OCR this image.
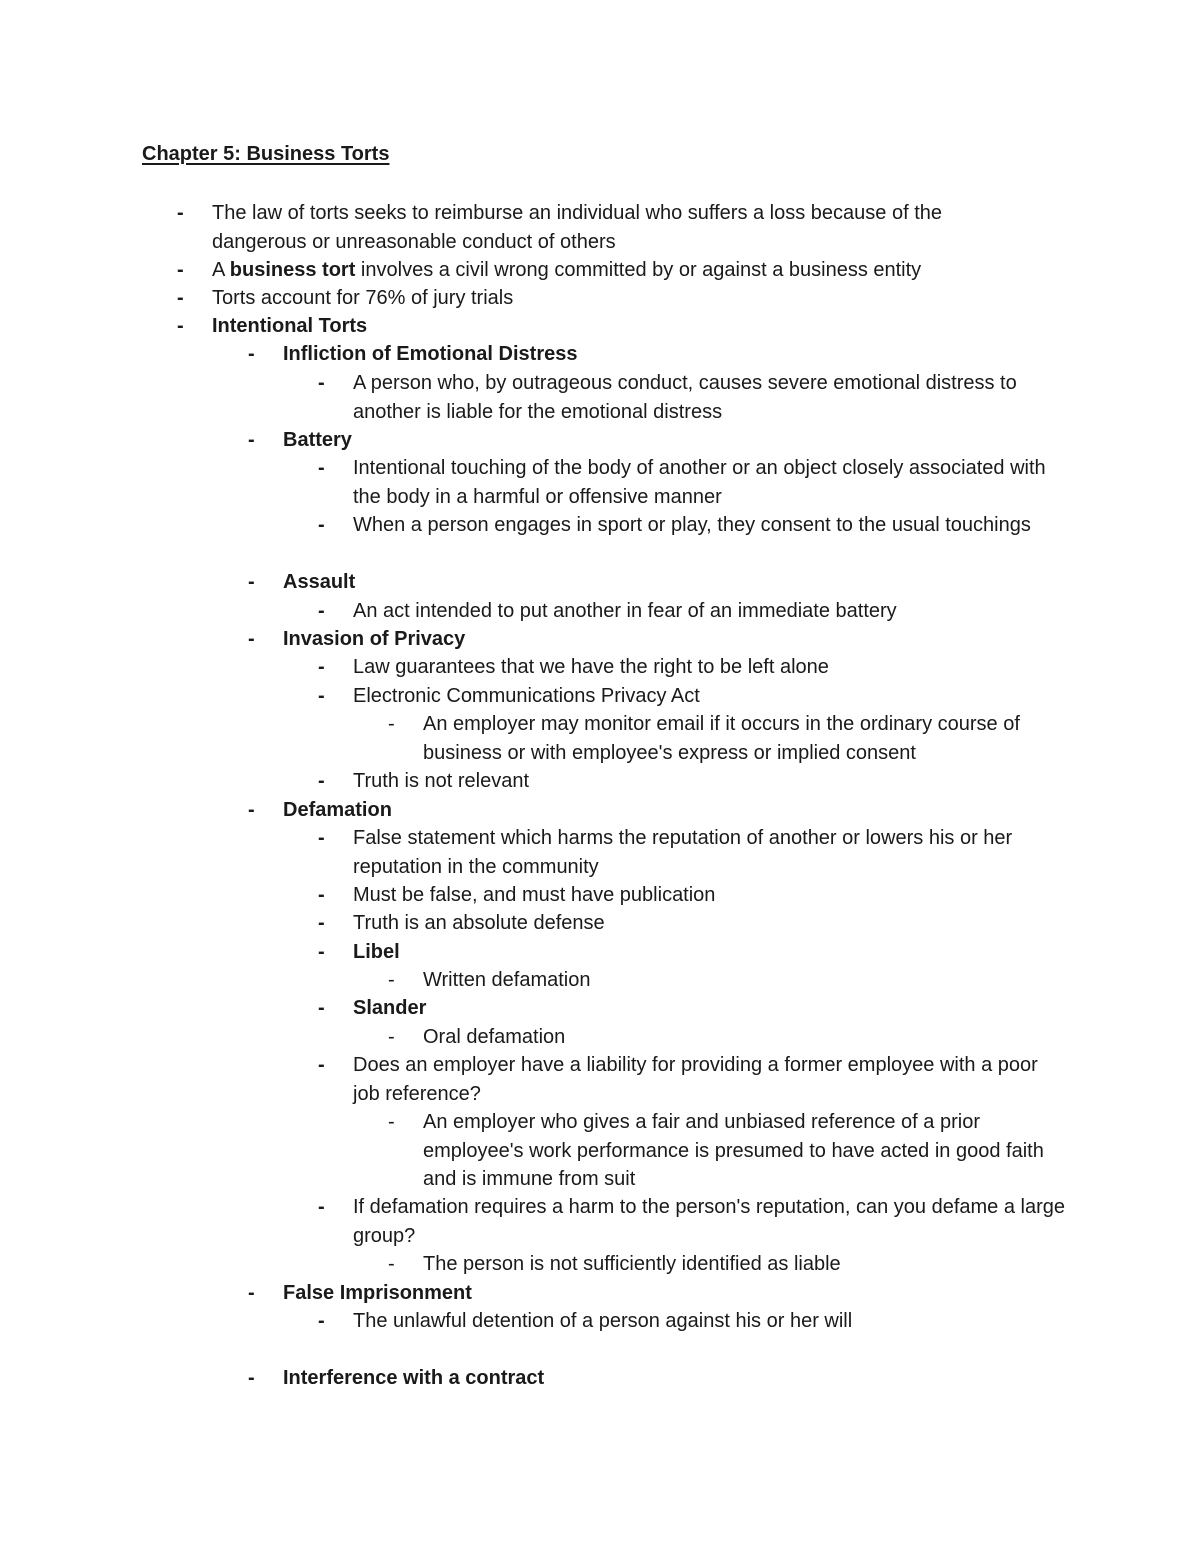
Chapter 5: Business Torts
- The law of torts seeks to reimburse an individual who suffers a loss because of the dangerous or unreasonable conduct of others
- A business tort involves a civil wrong committed by or against a business entity
- Torts account for 76% of jury trials
- Intentional Torts
- Infliction of Emotional Distress
- A person who, by outrageous conduct, causes severe emotional distress to another is liable for the emotional distress
- Battery
- Intentional touching of the body of another or an object closely associated with the body in a harmful or offensive manner
- When a person engages in sport or play, they consent to the usual touchings
- Assault
- An act intended to put another in fear of an immediate battery
- Invasion of Privacy
- Law guarantees that we have the right to be left alone
- Electronic Communications Privacy Act
- An employer may monitor email if it occurs in the ordinary course of business or with employee's express or implied consent
- Truth is not relevant
- Defamation
- False statement which harms the reputation of another or lowers his or her reputation in the community
- Must be false, and must have publication
- Truth is an absolute defense
- Libel
- Written defamation
- Slander
- Oral defamation
- Does an employer have a liability for providing a former employee with a poor job reference?
- An employer who gives a fair and unbiased reference of a prior employee's work performance is presumed to have acted in good faith and is immune from suit
- If defamation requires a harm to the person's reputation, can you defame a large group?
- The person is not sufficiently identified as liable
- False Imprisonment
- The unlawful detention of a person against his or her will
- Interference with a contract
